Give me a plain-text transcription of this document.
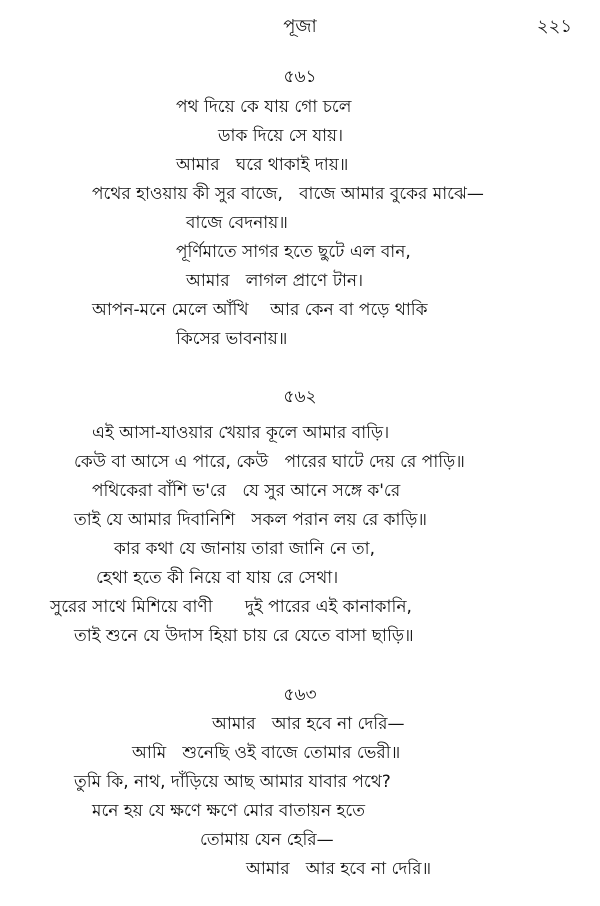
পূজা	২২১
৫৬১
পথ দিয়ে কে যায় গো চলে
ডাক দিয়ে সে যায়।
আমার   ঘরে থাকাই দায়॥
পথের হাওয়ায় কী সুর বাজে,   বাজে আমার বুকের মাঝে—
বাজে বেদনায়॥
পূর্ণিমাতে সাগর হতে ছুটে এল বান,
আমার   লাগল প্রাণে টান।
আপন-মনে মেলে আঁখি    আর কেন বা পড়ে থাকি
কিসের ভাবনায়॥
৫৬২
এই আসা-যাওয়ার খেয়ার কূলে আমার বাড়ি।
কেউ বা আসে এ পারে, কেউ   পারের ঘাটে দেয় রে পাড়ি॥
পথিকেরা বাঁশি ভ'রে   যে সুর আনে সঙ্গে ক'রে
তাই যে আমার দিবানিশি   সকল পরান লয় রে কাড়ি॥
কার কথা যে জানায় তারা জানি নে তা,
হেথা হতে কী নিয়ে বা যায় রে সেথা।
সুরের সাথে মিশিয়ে বাণী      দুই পারের এই কানাকানি,
তাই শুনে যে উদাস হিয়া চায় রে যেতে বাসা ছাড়ি॥
৫৬৩
আমার   আর হবে না দেরি—
আমি   শুনেছি ওই বাজে তোমার ভেরী॥
তুমি কি, নাথ, দাঁড়িয়ে আছ আমার যাবার পথে?
মনে হয় যে ক্ষণে ক্ষণে মোর বাতায়ন হতে
তোমায় যেন হেরি—
আমার   আর হবে না দেরি॥
